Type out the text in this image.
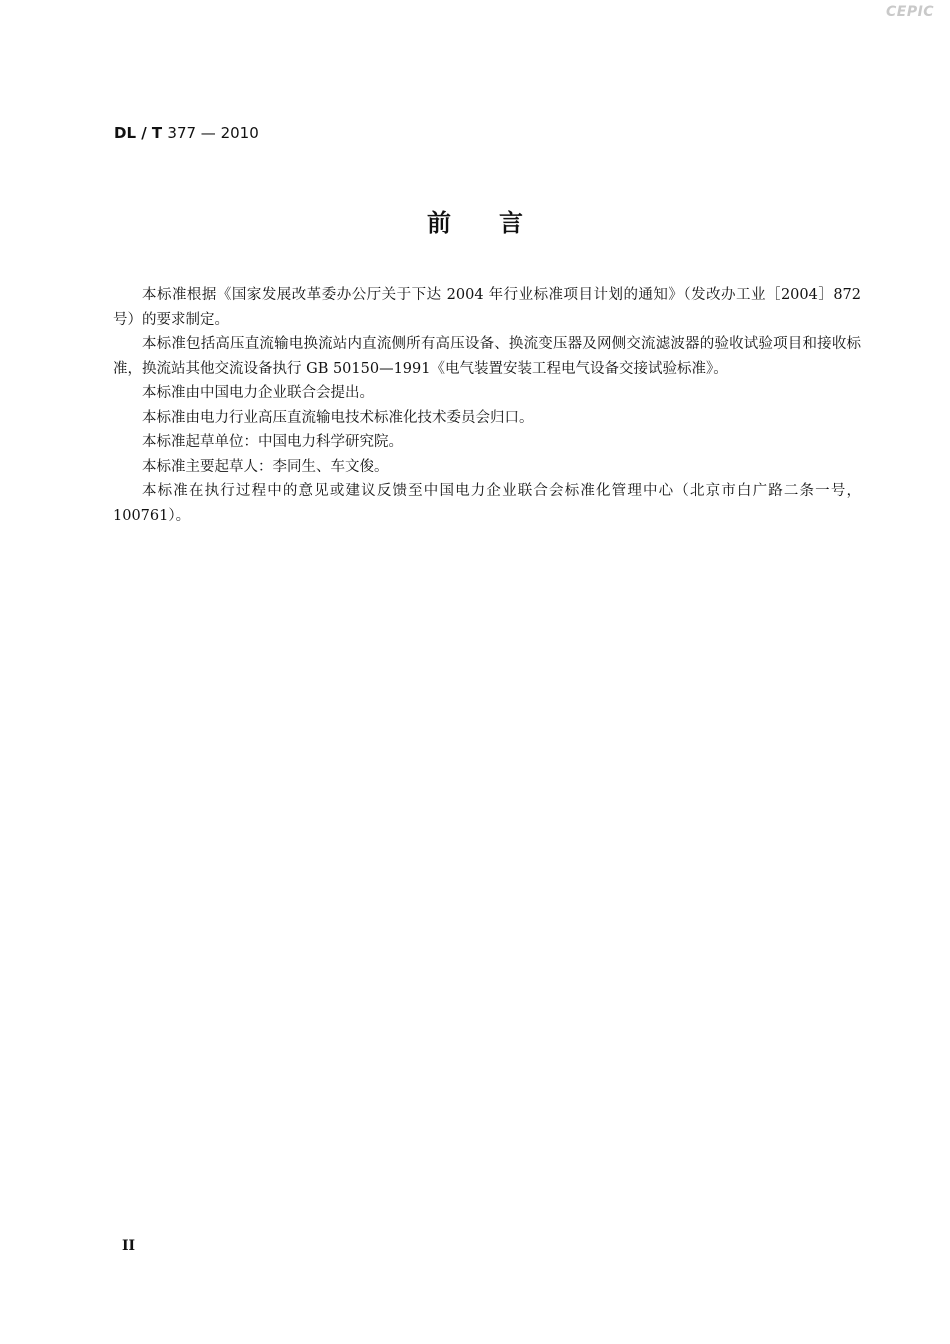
CEPIC
DL / T 377 — 2010
前言

本标准根据《国家发展改革委办公厅关于下达 2004 年行业标准项目计划的通知》（发改办工业［2004］872 号）的要求制定。

本标准包括高压直流输电换流站内直流侧所有高压设备、换流变压器及网侧交流滤波器的验收试验项目和接收标准，换流站其他交流设备执行 GB 50150—1991《电气装置安装工程电气设备交接试验标准》。

本标准由中国电力企业联合会提出。

本标准由电力行业高压直流输电技术标准化技术委员会归口。

本标准起草单位：中国电力科学研究院。

本标准主要起草人：李同生、车文俊。

本标准在执行过程中的意见或建议反馈至中国电力企业联合会标准化管理中心（北京市白广路二条一号，100761）。

II
